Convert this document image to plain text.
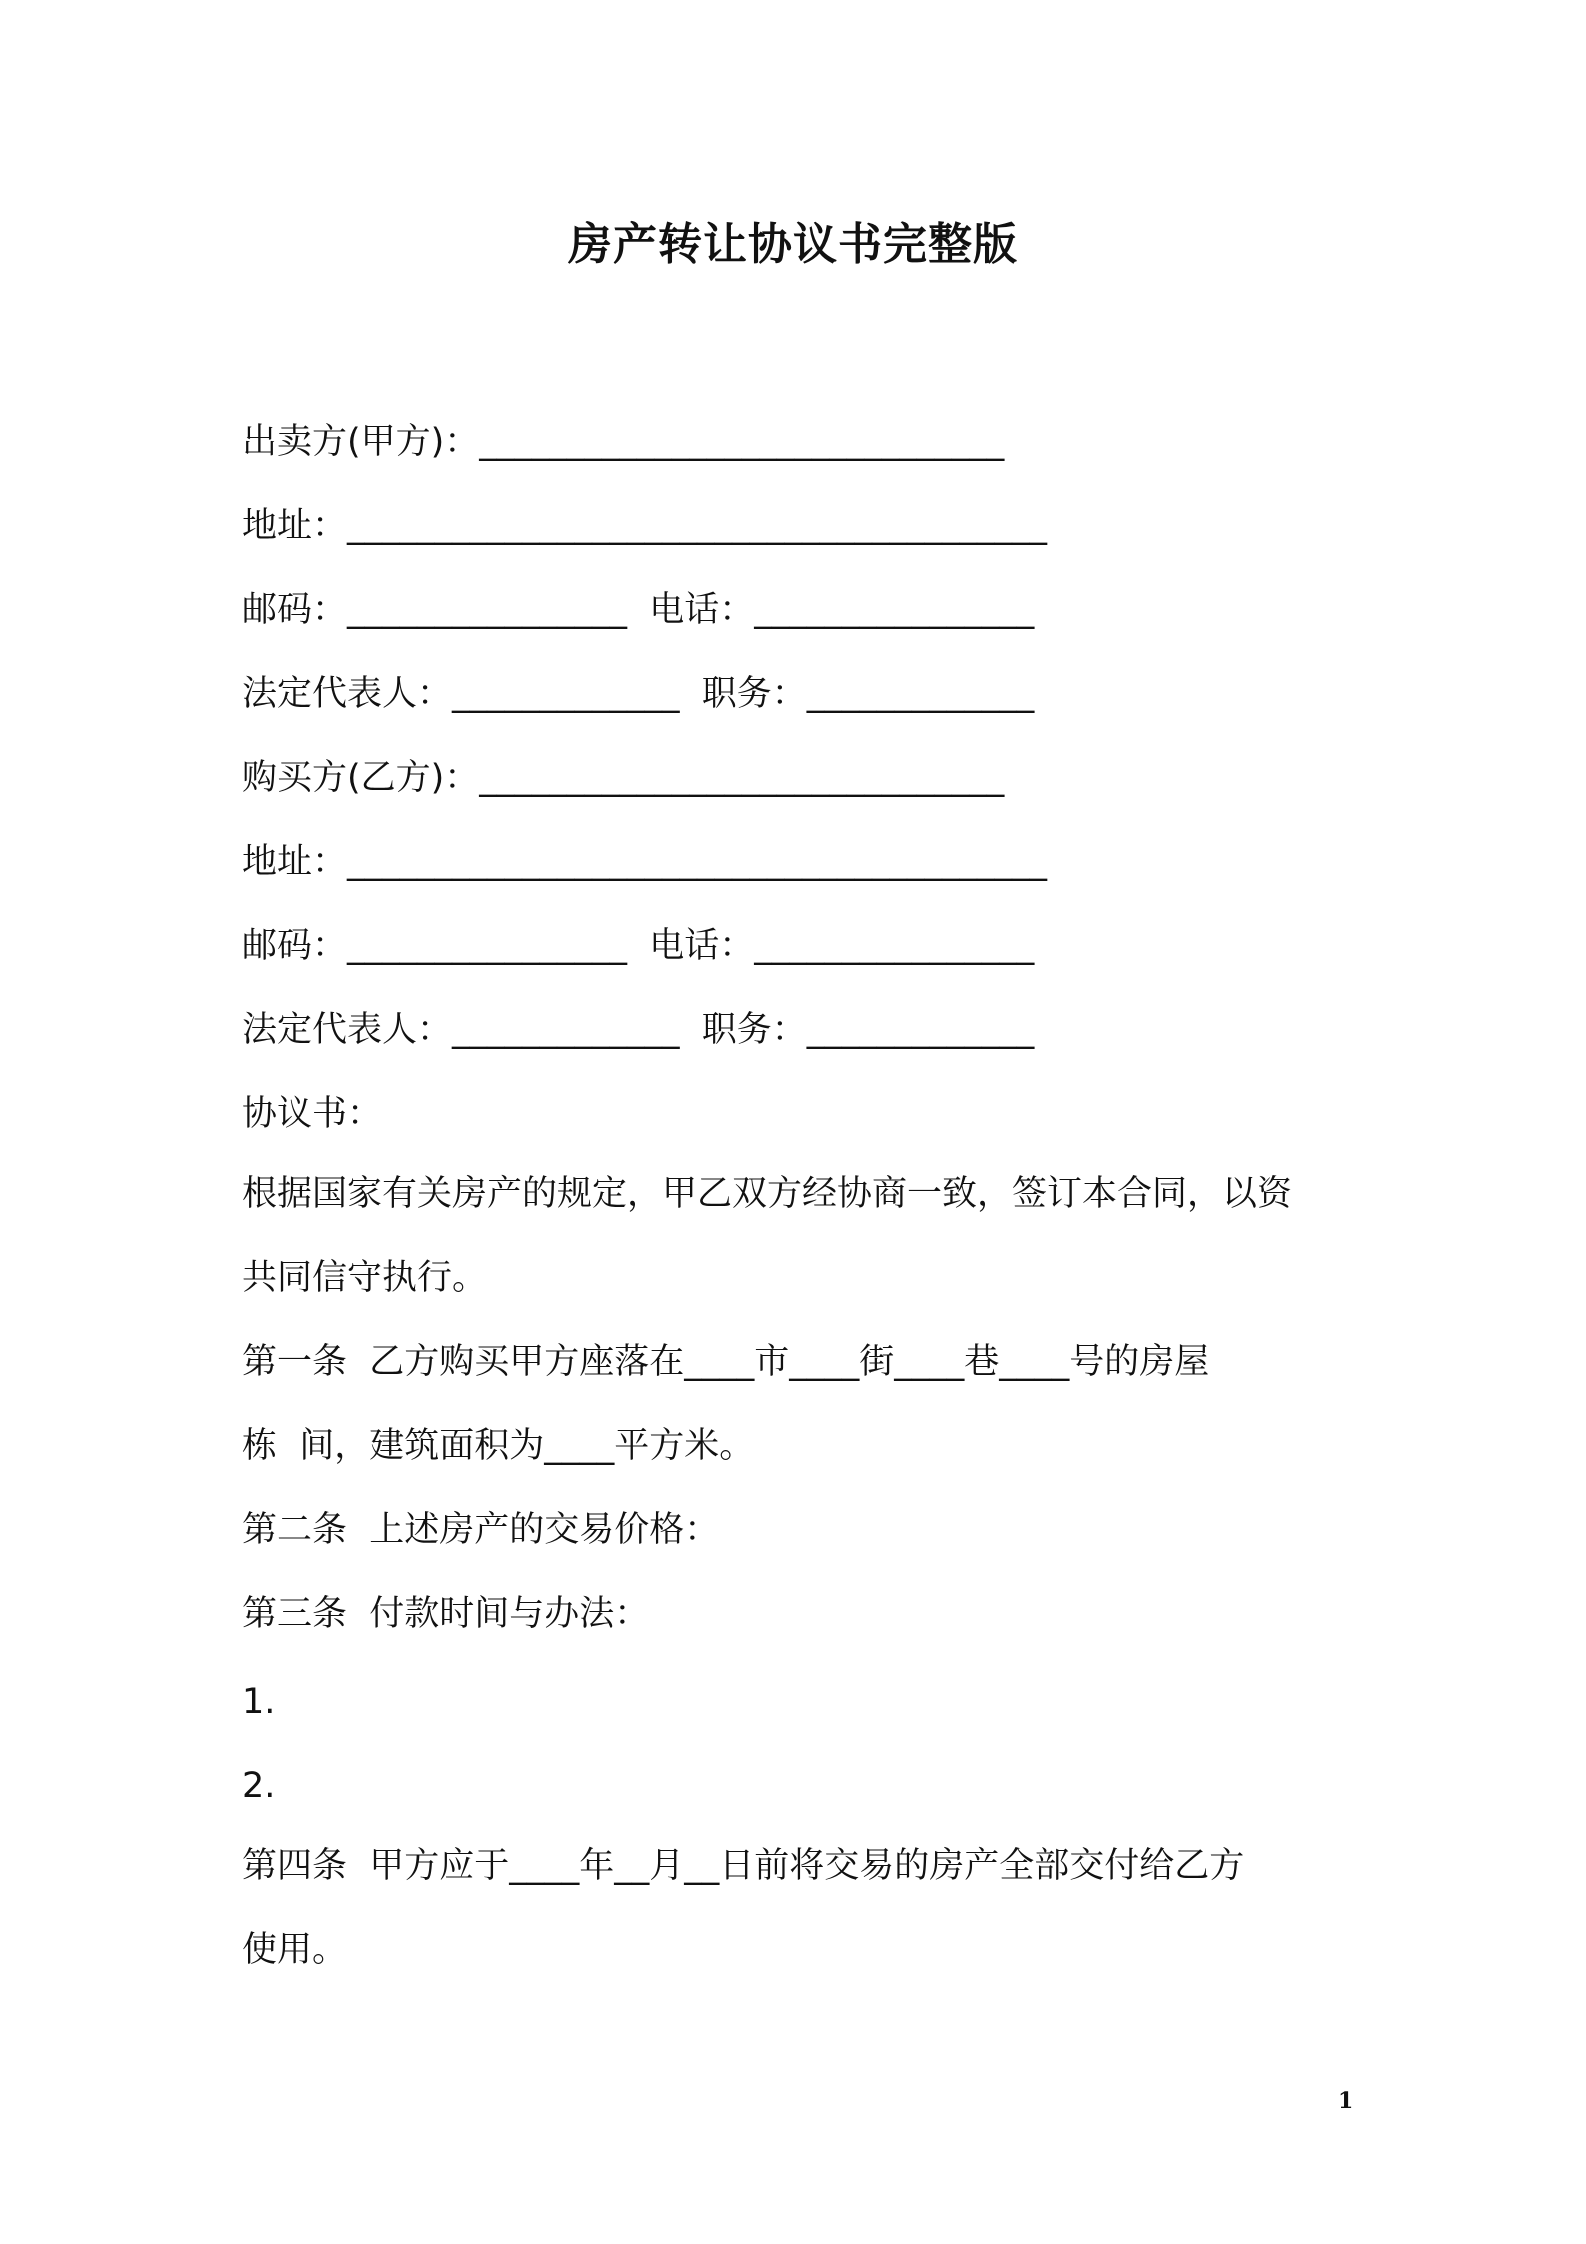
房产转让协议书完整版
出卖方(甲方)：______________________________
地址：________________________________________
邮码：________________  电话：________________
法定代表人：_____________  职务：_____________
购买方(乙方)：______________________________
地址：________________________________________
邮码：________________  电话：________________
法定代表人：_____________  职务：_____________
协议书：
根据国家有关房产的规定，甲乙双方经协商一致，签订本合同，以资
共同信守执行。
第一条  乙方购买甲方座落在____市____街____巷____号的房屋
栋  间，建筑面积为____平方米。
第二条  上述房产的交易价格：
第三条  付款时间与办法：
1.
2.
第四条  甲方应于____年__月__日前将交易的房产全部交付给乙方
使用。
1
